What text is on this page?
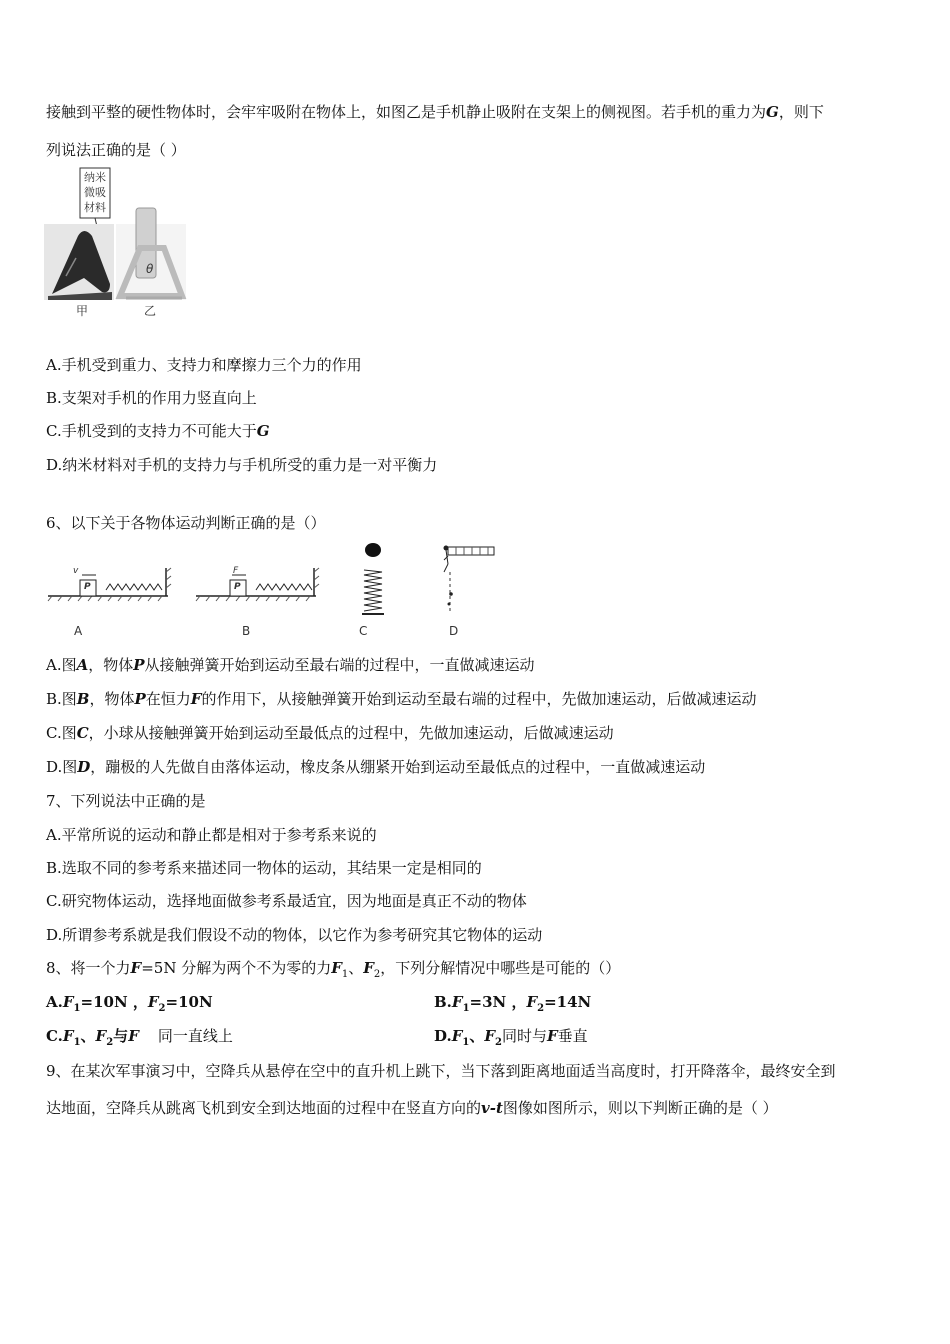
接触到平整的硬性物体时，会牢牢吸附在物体上，如图乙是手机静止吸附在支架上的侧视图。若手机的重力为G，则下
列说法正确的是（ ）
纳米
微吸
材料
θ
甲	乙
A.手机受到重力、支持力和摩擦力三个力的作用
B.支架对手机的作用力竖直向上
C.手机受到的支持力不可能大于G
D.纳米材料对手机的支持力与手机所受的重力是一对平衡力
6、以下关于各物体运动判断正确的是（）
v
P
F
P
A	B	C	D
A.图A，物体P从接触弹簧开始到运动至最右端的过程中，一直做减速运动
B.图B，物体P在恒力F的作用下，从接触弹簧开始到运动至最右端的过程中，先做加速运动，后做减速运动
C.图C，小球从接触弹簧开始到运动至最低点的过程中，先做加速运动，后做减速运动
D.图D，蹦极的人先做自由落体运动，橡皮条从绷紧开始到运动至最低点的过程中，一直做减速运动
7、下列说法中正确的是
A.平常所说的运动和静止都是相对于参考系来说的
B.选取不同的参考系来描述同一物体的运动，其结果一定是相同的
C.研究物体运动，选择地面做参考系最适宜，因为地面是真正不动的物体
D.所谓参考系就是我们假设不动的物体，以它作为参考研究其它物体的运动
8、将一个力F=5N 分解为两个不为零的力$F_1$、$F_2$，下列分解情况中哪些是可能的（）
$A.F_1=10N$ ，$F_2=10N$	$B.F_1=3N$ ，$F_2=14N$
$C.F_1$、$F_2$与F    同一直线上	$D.F_1$、$F_2$同时与F垂直
9、在某次军事演习中，空降兵从悬停在空中的直升机上跳下，当下落到距离地面适当高度时，打开降落伞，最终安全到
达地面，空降兵从跳离飞机到安全到达地面的过程中在竖直方向的v-t图像如图所示，则以下判断正确的是（ ）
